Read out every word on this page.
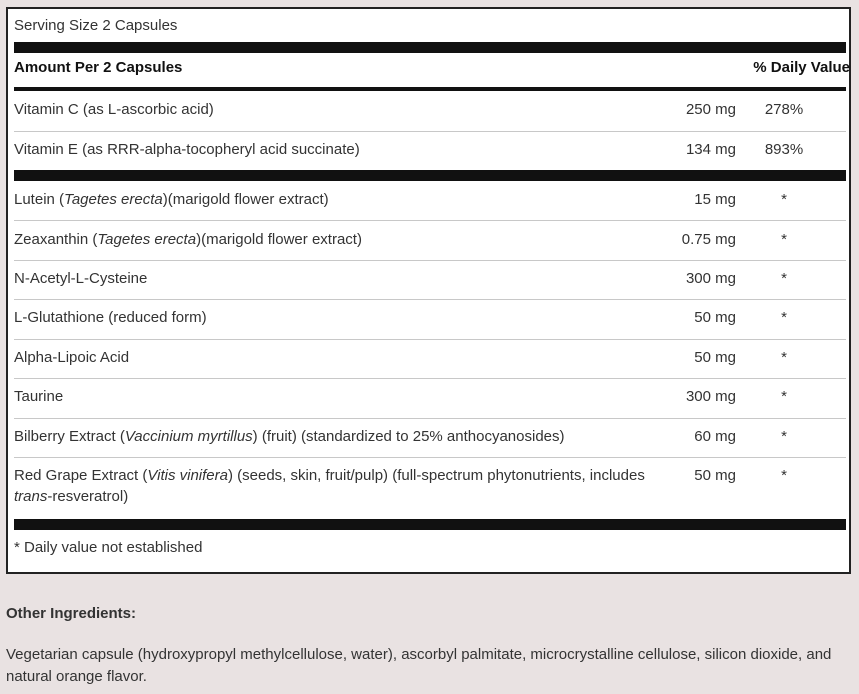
Serving Size 2 Capsules
Amount Per 2 Capsules	% Daily Value
Vitamin C (as L-ascorbic acid)	250 mg 278%
Vitamin E (as RRR-alpha-tocopheryl acid succinate)	134 mg 893%
Lutein (Tagetes erecta)(marigold flower extract)	15 mg	*
Zeaxanthin (Tagetes erecta)(marigold flower extract)	0.75 mg	*
N-Acetyl-L-Cysteine	300 mg	*
L-Glutathione (reduced form)	50 mg	*
Alpha-Lipoic Acid	50 mg	*
Taurine	300 mg	*
Bilberry Extract (Vaccinium myrtillus) (fruit) (standardized to 25% anthocyanosides)	60 mg	*
Red Grape Extract (Vitis vinifera) (seeds, skin, fruit/pulp) (full-spectrum phytonutrients, includes
trans-resveratrol)
50 mg	*
* Daily value not established
Other Ingredients:
Vegetarian capsule (hydroxypropyl methylcellulose, water), ascorbyl palmitate, microcrystalline cellulose, silicon dioxide, and natural orange flavor.
